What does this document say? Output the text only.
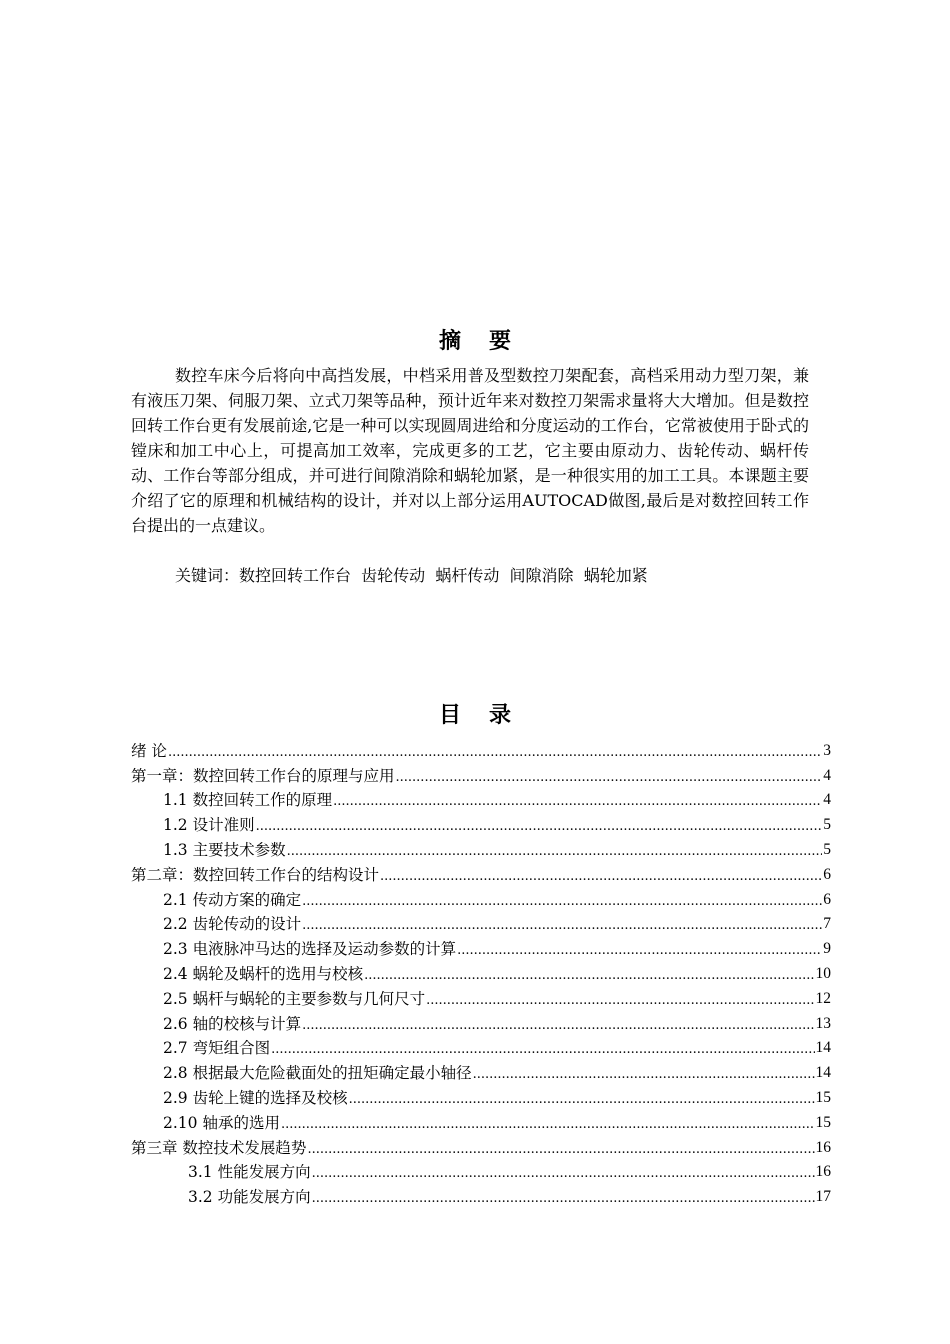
摘要

数控车床今后将向中高挡发展，中档采用普及型数控刀架配套，高档采用动力型刀架，兼有液压刀架、伺服刀架、立式刀架等品种，预计近年来对数控刀架需求量将大大增加。但是数控回转工作台更有发展前途,它是一种可以实现圆周进给和分度运动的工作台，它常被使用于卧式的镗床和加工中心上，可提高加工效率，完成更多的工艺，它主要由原动力、齿轮传动、蜗杆传动、工作台等部分组成，并可进行间隙消除和蜗轮加紧，是一种很实用的加工工具。本课题主要介绍了它的原理和机械结构的设计，并对以上部分运用AUTOCAD做图,最后是对数控回转工作台提出的一点建议。

关键词：数控回转工作台  齿轮传动  蜗杆传动  间隙消除  蜗轮加紧
目录
绪 论 .....	3
第一章：数控回转工作台的原理与应用 .....	4
1.1 数控回转工作的原理 .....	4
1.2 设计准则 .....	5
1.3 主要技术参数 .....	5
第二章：数控回转工作台的结构设计 .....	6
2.1 传动方案的确定 .....	6
2.2 齿轮传动的设计 .....	7
2.3 电液脉冲马达的选择及运动参数的计算 .....	9
2.4 蜗轮及蜗杆的选用与校核 .....	10
2.5 蜗杆与蜗轮的主要参数与几何尺寸 .....	12
2.6 轴的校核与计算 .....	13
2.7 弯矩组合图 .....	14
2.8 根据最大危险截面处的扭矩确定最小轴径 .....	14
2.9 齿轮上键的选择及校核 .....	15
2.10 轴承的选用 .....	15
第三章 数控技术发展趋势 .....	16
3.1 性能发展方向 .....	16
3.2 功能发展方向 .....	17
